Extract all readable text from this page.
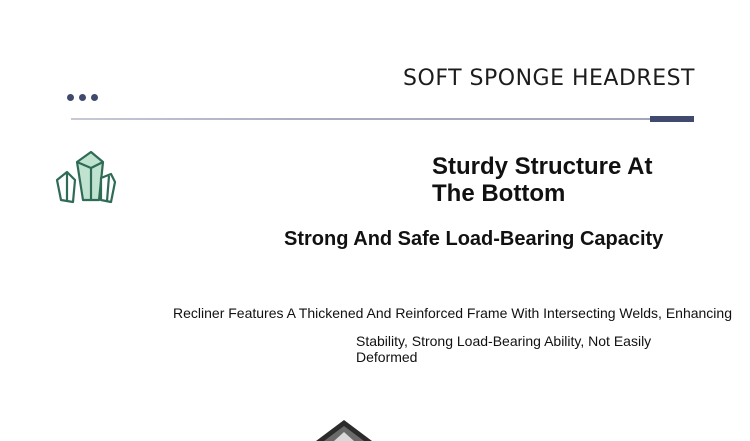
SOFT SPONGE HEADREST
Sturdy Structure At The Bottom
Strong And Safe Load-Bearing Capacity
Recliner Features A Thickened And Reinforced Frame With Intersecting Welds, Enhancing
Stability, Strong Load-Bearing Ability, Not Easily Deformed
